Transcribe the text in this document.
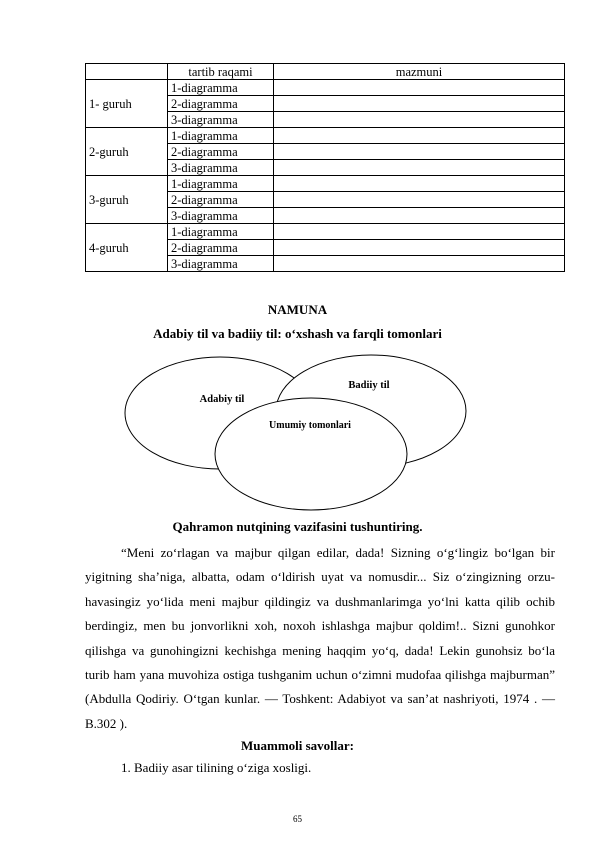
	tartib raqami	mazmuni
1- guruh	1-diagramma	
	2-diagramma	
	3-diagramma	
2-guruh	1-diagramma	
	2-diagramma	
	3-diagramma	
3-guruh	1-diagramma	
	2-diagramma	
	3-diagramma	
4-guruh	1-diagramma	
	2-diagramma	
	3-diagramma	
NAMUNA
Adabiy til va badiiy til: o‘xshash va farqli tomonlari
Adabiy til
Badiiy til
Umumiy tomonlari
Qahramon nutqining vazifasini tushuntiring.
“Meni zo‘rlagan va majbur qilgan edilar, dada! Sizning o‘g‘lingiz bo‘lgan bir yigitning sha’niga, albatta, odam o‘ldirish uyat va nomusdir... Siz o‘zingizning orzu-havasingiz yo‘lida meni majbur qildingiz va dushmanlarimga yo‘lni katta qilib ochib berdingiz, men bu jonvorlikni xoh, noxoh ishlashga majbur qoldim!.. Sizni gunohkor qilishga va gunohingizni kechishga mening haqqim yo‘q, dada! Lekin gunohsiz bo‘la turib ham yana muvohiza ostiga tushganim uchun o‘zimni mudofaa qilishga majburman” (Abdulla Qodiriy. O‘tgan kunlar. — Toshkent: Adabiyot va san’at nashriyoti, 1974 . — B.302 ).
Muammoli savollar:
1. Badiiy asar tilining o‘ziga xosligi.
65
